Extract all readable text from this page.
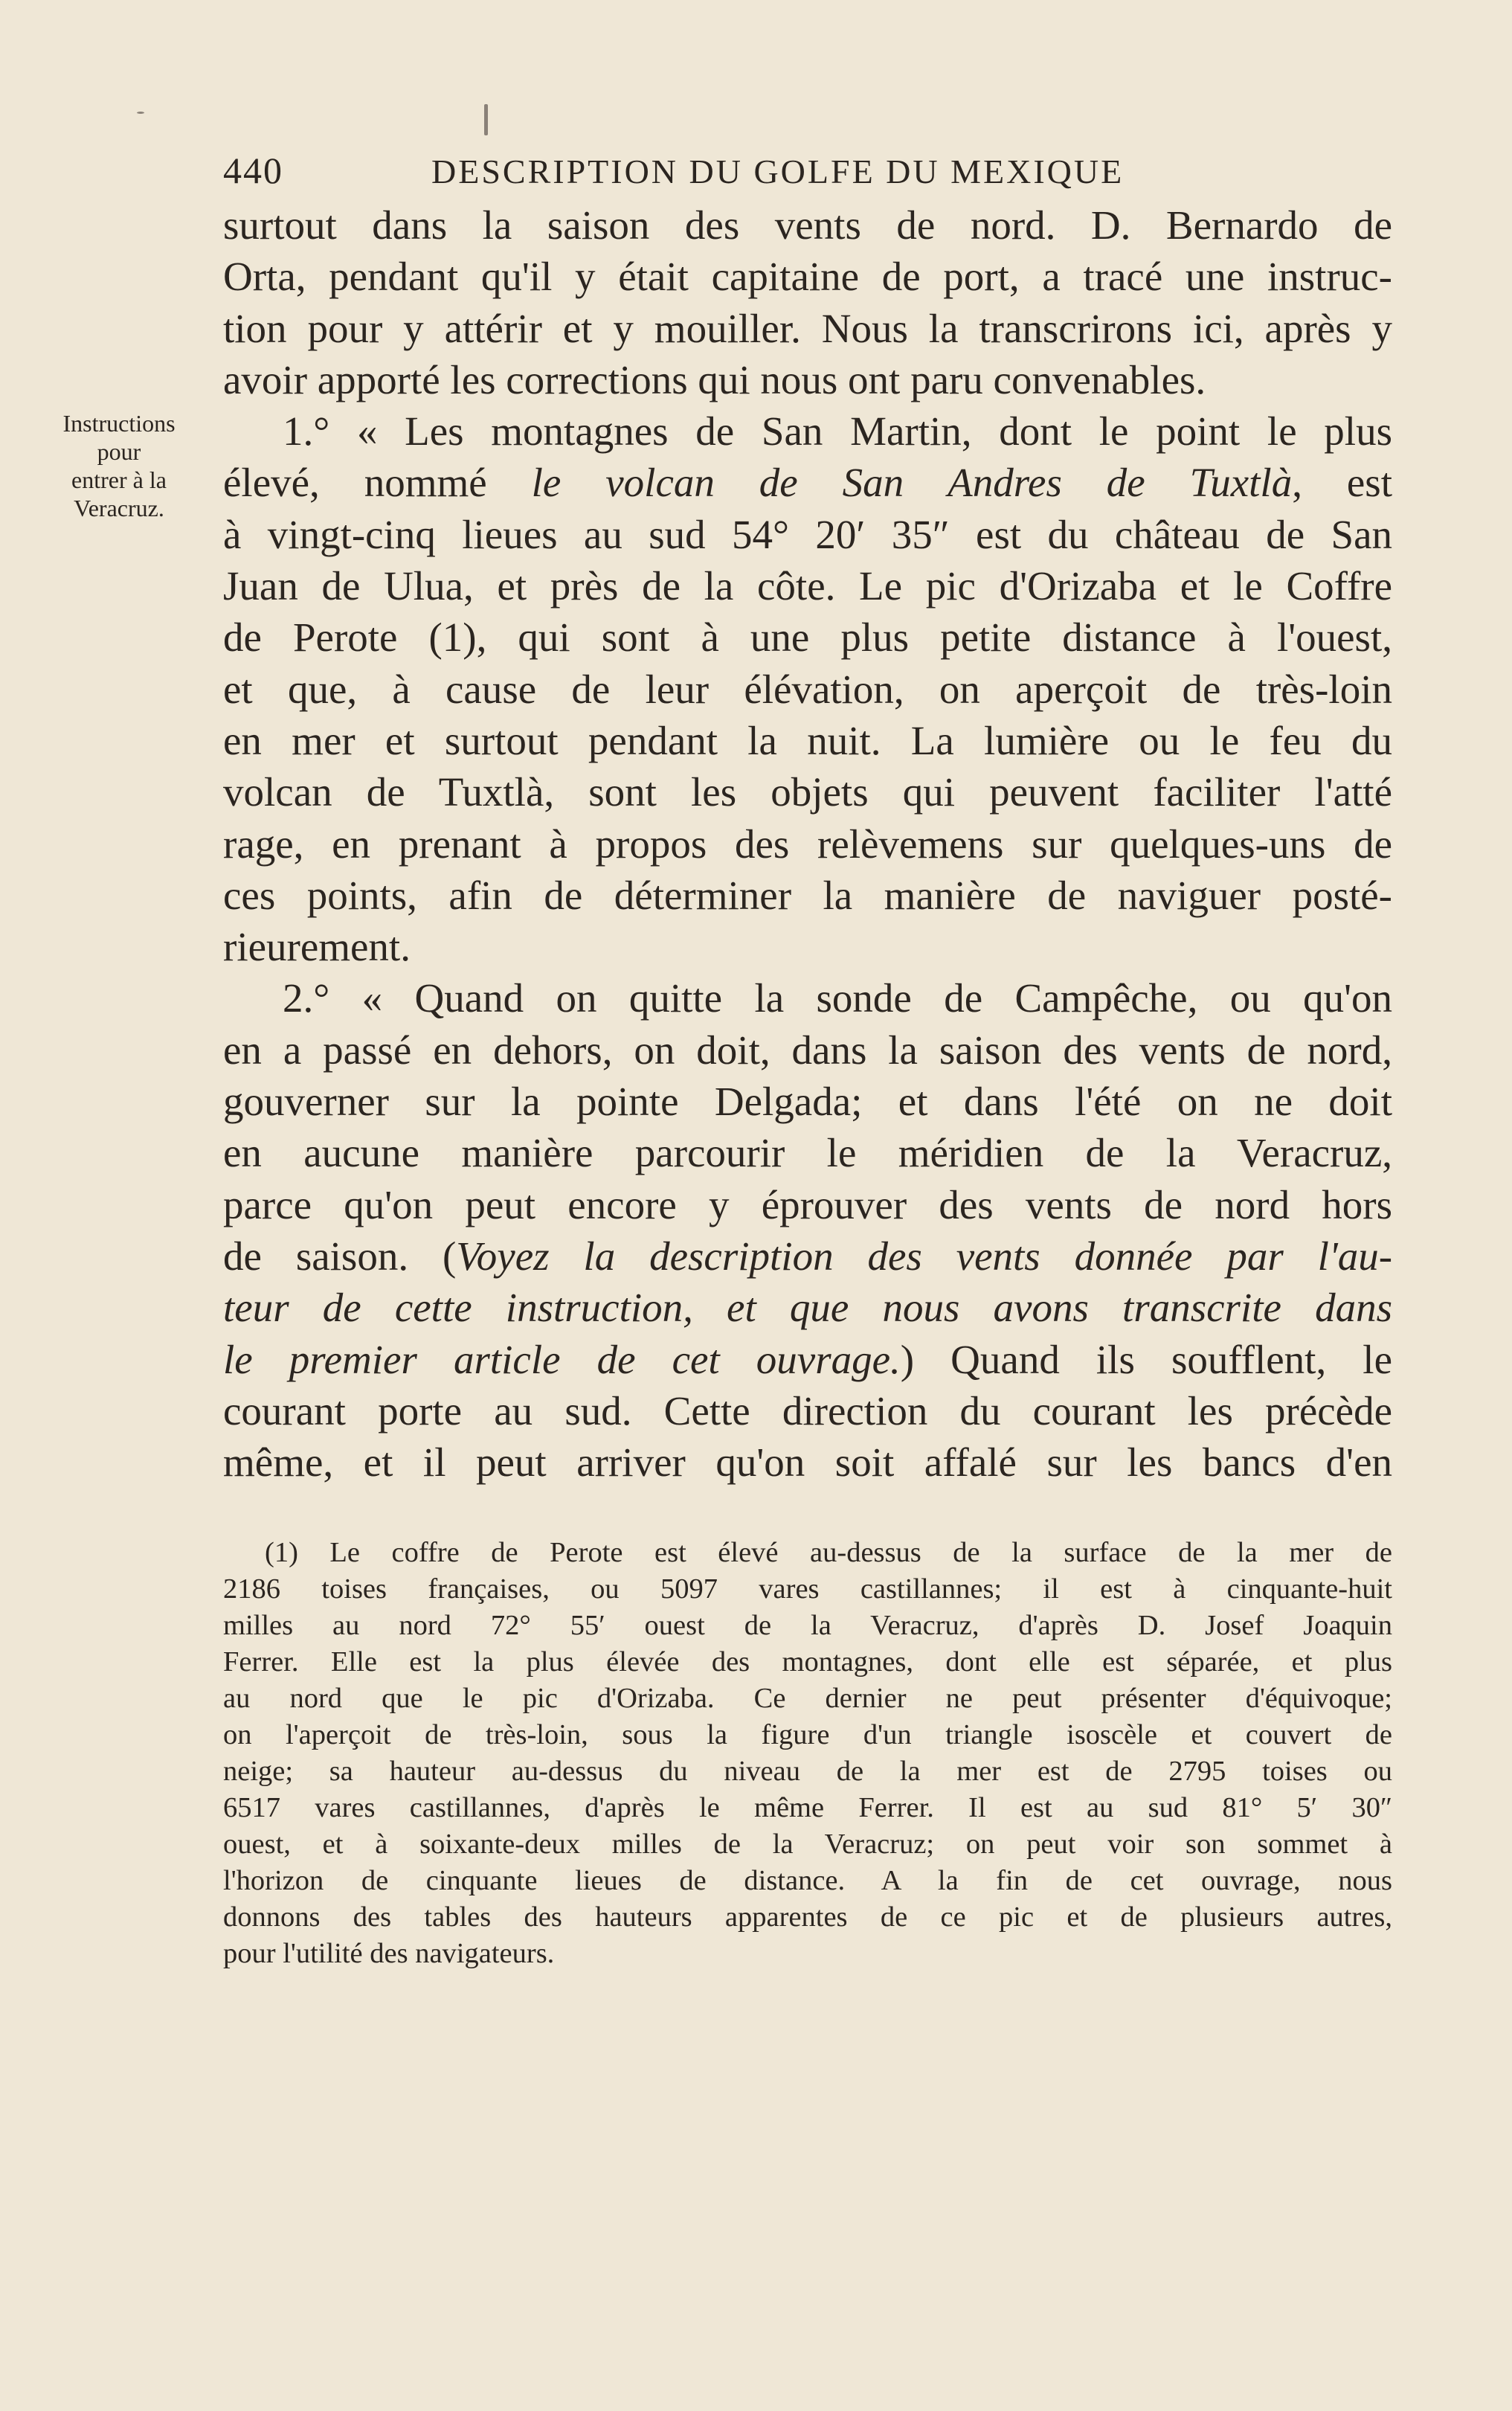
440	DESCRIPTION DU GOLFE DU MEXIQUE
Instructions
pour
entrer à la
Veracruz.
surtout dans la saison des vents de nord. D. Bernardo de
Orta, pendant qu'il y était capitaine de port, a tracé une instruc-
tion pour y attérir et y mouiller. Nous la transcrirons ici, après y
avoir apporté les corrections qui nous ont paru convenables.
1.° « Les montagnes de San Martin, dont le point le plus
élevé, nommé le volcan de San Andres de Tuxtlà, est
à vingt-cinq lieues au sud 54° 20′ 35″ est du château de San
Juan de Ulua, et près de la côte. Le pic d'Orizaba et le Coffre
de Perote (1), qui sont à une plus petite distance à l'ouest,
et que, à cause de leur élévation, on aperçoit de très-loin
en mer et surtout pendant la nuit. La lumière ou le feu du
volcan de Tuxtlà, sont les objets qui peuvent faciliter l'atté
rage, en prenant à propos des relèvemens sur quelques-uns de
ces points, afin de déterminer la manière de naviguer posté-
rieurement.
2.° « Quand on quitte la sonde de Campêche, ou qu'on
en a passé en dehors, on doit, dans la saison des vents de nord,
gouverner sur la pointe Delgada; et dans l'été on ne doit
en aucune manière parcourir le méridien de la Veracruz,
parce qu'on peut encore y éprouver des vents de nord hors
de saison. (Voyez la description des vents donnée par l'au-
teur de cette instruction, et que nous avons transcrite dans
le premier article de cet ouvrage.) Quand ils soufflent, le
courant porte au sud. Cette direction du courant les précède
même, et il peut arriver qu'on soit affalé sur les bancs d'en
(1) Le coffre de Perote est élevé au-dessus de la surface de la mer de
2186 toises françaises, ou 5097 vares castillannes; il est à cinquante-huit
milles au nord 72° 55′ ouest de la Veracruz, d'après D. Josef Joaquin
Ferrer. Elle est la plus élevée des montagnes, dont elle est séparée, et plus
au nord que le pic d'Orizaba. Ce dernier ne peut présenter d'équivoque;
on l'aperçoit de très-loin, sous la figure d'un triangle isoscèle et couvert de
neige; sa hauteur au-dessus du niveau de la mer est de 2795 toises ou
6517 vares castillannes, d'après le même Ferrer. Il est au sud 81° 5′ 30″
ouest, et à soixante-deux milles de la Veracruz; on peut voir son sommet à
l'horizon de cinquante lieues de distance. A la fin de cet ouvrage, nous
donnons des tables des hauteurs apparentes de ce pic et de plusieurs autres,
pour l'utilité des navigateurs.
